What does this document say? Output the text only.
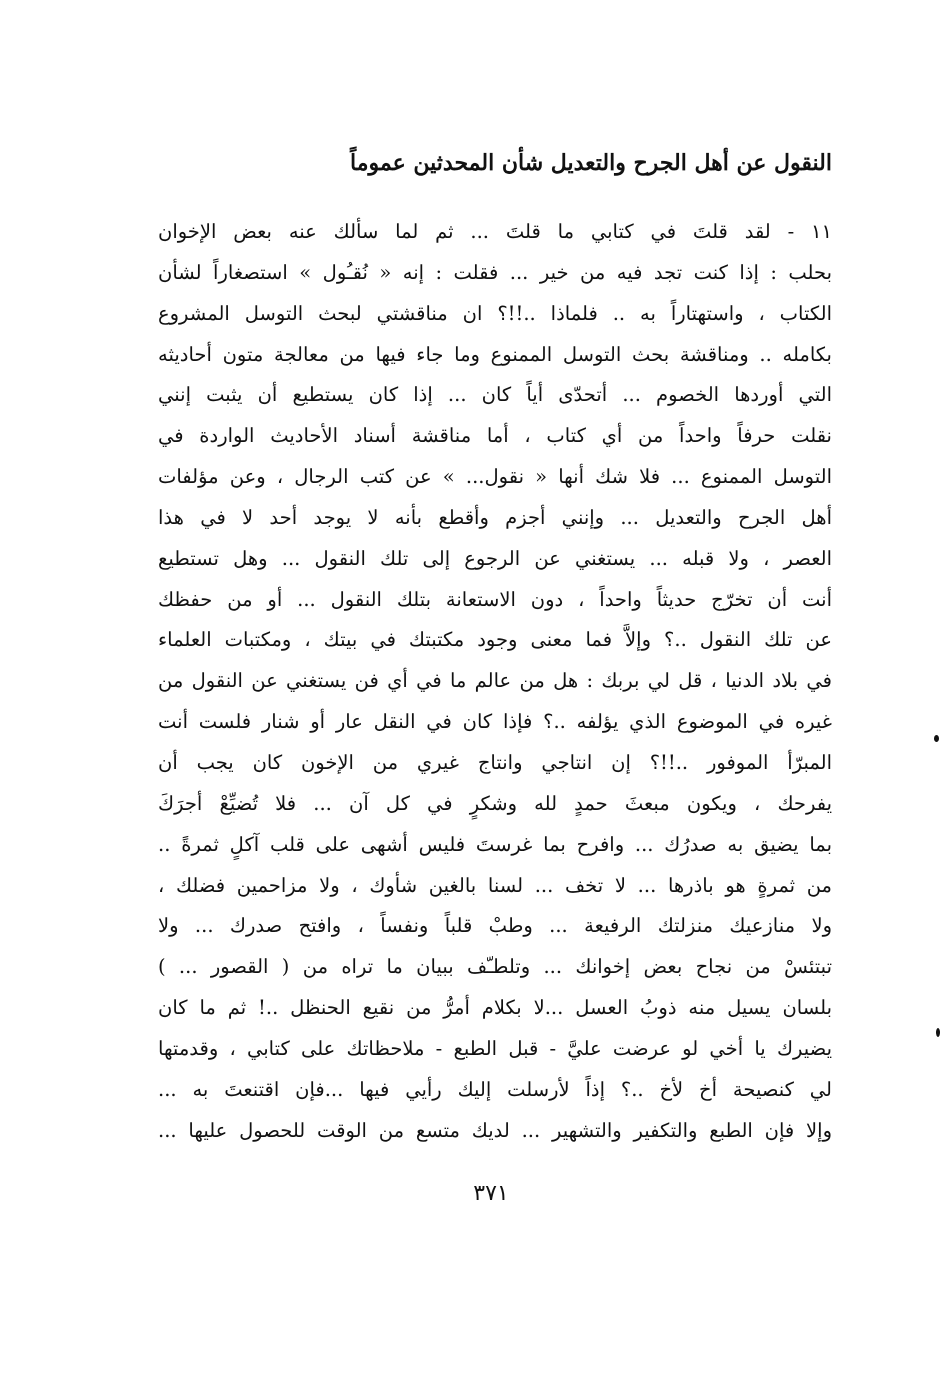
النقول عن أهل الجرح والتعديل شأن المحدثين عموماً
١١ - لقد قلتَ في كتابي ما قلتَ ... ثم لما سألك عنه بعض الإخوان
بحلب : إذا كنت تجد فيه من خير ... فقلت : إنه « نُقـُول » استصغاراً لشأن
الكتاب ، واستهتاراً به .. فلماذا ..!!؟ ان مناقشتي لبحث التوسل المشروع
بكامله .. ومناقشة بحث التوسل الممنوع وما جاء فيها من معالجة متون أحاديثه
التي أوردها الخصوم ... أتحدّى أياً كان ... إذا كان يستطيع أن يثبت إنني
نقلت حرفاً واحداً من أي كتاب ، أما مناقشة أسناد الأحاديث الواردة في
التوسل الممنوع ... فلا شك أنها « نقول... » عن كتب الرجال ، وعن مؤلفات
أهل الجرح والتعديل ... وإنني أجزم وأقطع بأنه لا يوجد أحد لا في هذا
العصر ، ولا قبله ... يستغني عن الرجوع إلى تلك النقول ... وهل تستطيع
أنت أن تخرّج حديثاً واحداً ، دون الاستعانة بتلك النقول ... أو من حفظك
عن تلك النقول ..؟ وإلاَّ فما معنى وجود مكتبتك في بيتك ، ومكتبات العلماء
في بلاد الدنيا ، قل لي بربك : هل من عالم ما في أي فن يستغني عن النقول من
غيره في الموضوع الذي يؤلفه ..؟ فإذا كان في النقل عار أو شنار فلست أنت
المبرّأ الموفور ..!!؟ إن انتاجي وانتاج غيري من الإخون كان يجب أن
يفرحك ، ويكون مبعثَ حمدٍ لله وشكرٍ في كل آن ... فلا تُضيِّعْ أجرَكَ
بما يضيق به صدرُك ... وافرح بما غرستَ فليس أشهى على قلب آكلٍ ثمرةً ..
من ثمرةٍ هو باذرها ... لا تخف ... لسنا بالغين شأوك ، ولا مزاحمين فضلك ،
ولا منازعيك منزلتك الرفيعة ... وطبْ قلباً ونفساً ، وافتح صدرك ... ولا
تبتئسْ من نجاح بعض إخوانك ... وتلطـّف ببيان ما تراه من ( القصور ... )
بلسان يسيل منه ذوبُ العسل ...لا بكلام أمرُّ من نقيع الحنظل ..! ثم ما كان
يضيرك يا أخي لو عرضت عليَّ - قبل الطبع - ملاحظاتك على كتابي ، وقدمتها
لي كنصيحة أخ لأخ ..؟ إذاً لأرسلت إليك رأيي فيها ...فإن اقتنعتَ به ...
وإلا فإن الطبع والتكفير والتشهير ... لديك متسع من الوقت للحصول عليها ...
٣٧١
